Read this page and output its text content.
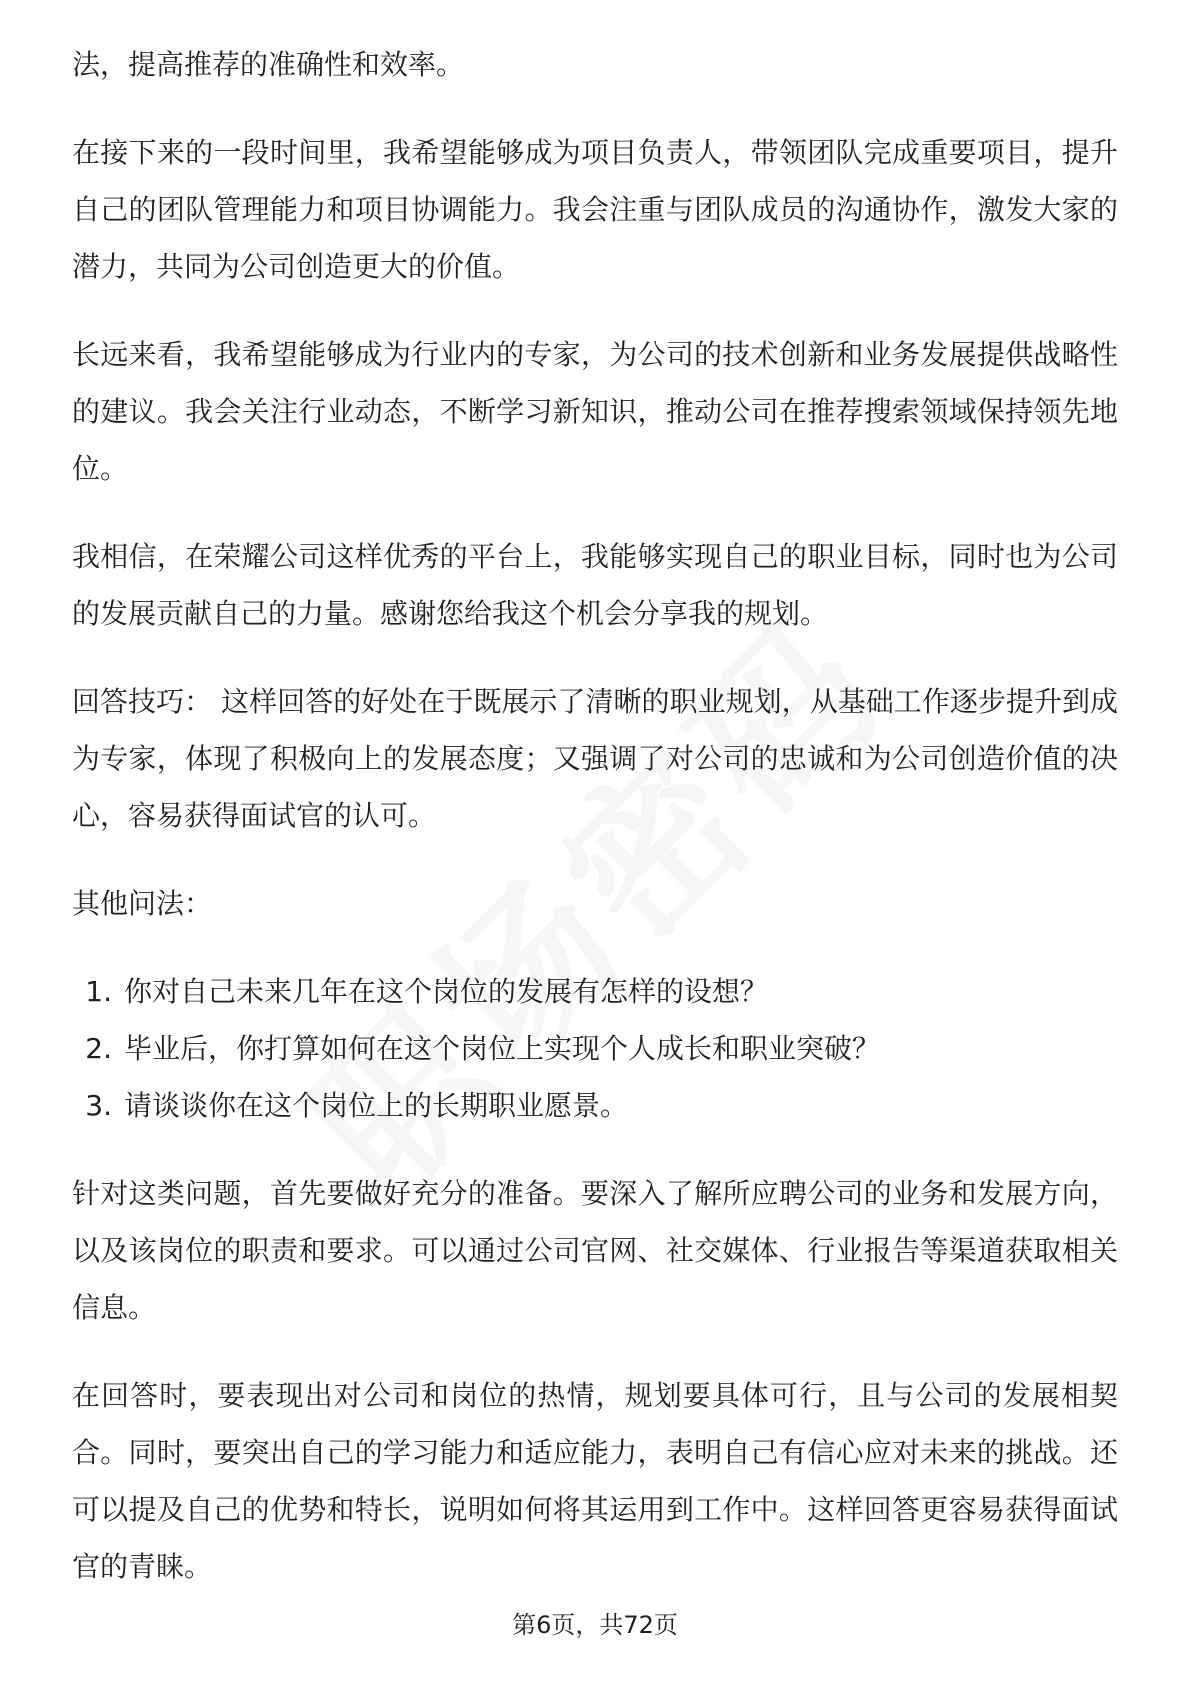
法，提高推荐的准确性和效率。

在接下来的一段时间里，我希望能够成为项目负责人，带领团队完成重要项目，提升自己的团队管理能力和项目协调能力。我会注重与团队成员的沟通协作，激发大家的潜力，共同为公司创造更大的价值。

长远来看，我希望能够成为行业内的专家，为公司的技术创新和业务发展提供战略性的建议。我会关注行业动态，不断学习新知识，推动公司在推荐搜索领域保持领先地位。

我相信，在荣耀公司这样优秀的平台上，我能够实现自己的职业目标，同时也为公司的发展贡献自己的力量。感谢您给我这个机会分享我的规划。

回答技巧： 这样回答的好处在于既展示了清晰的职业规划，从基础工作逐步提升到成为专家，体现了积极向上的发展态度；又强调了对公司的忠诚和为公司创造价值的决心，容易获得面试官的认可。

其他问法：

1. 你对自己未来几年在这个岗位的发展有怎样的设想？
2. 毕业后，你打算如何在这个岗位上实现个人成长和职业突破？
3. 请谈谈你在这个岗位上的长期职业愿景。

针对这类问题，首先要做好充分的准备。要深入了解所应聘公司的业务和发展方向，以及该岗位的职责和要求。可以通过公司官网、社交媒体、行业报告等渠道获取相关信息。

在回答时，要表现出对公司和岗位的热情，规划要具体可行，且与公司的发展相契合。同时，要突出自己的学习能力和适应能力，表明自己有信心应对未来的挑战。还可以提及自己的优势和特长，说明如何将其运用到工作中。这样回答更容易获得面试官的青睐。

第6页，共72页
